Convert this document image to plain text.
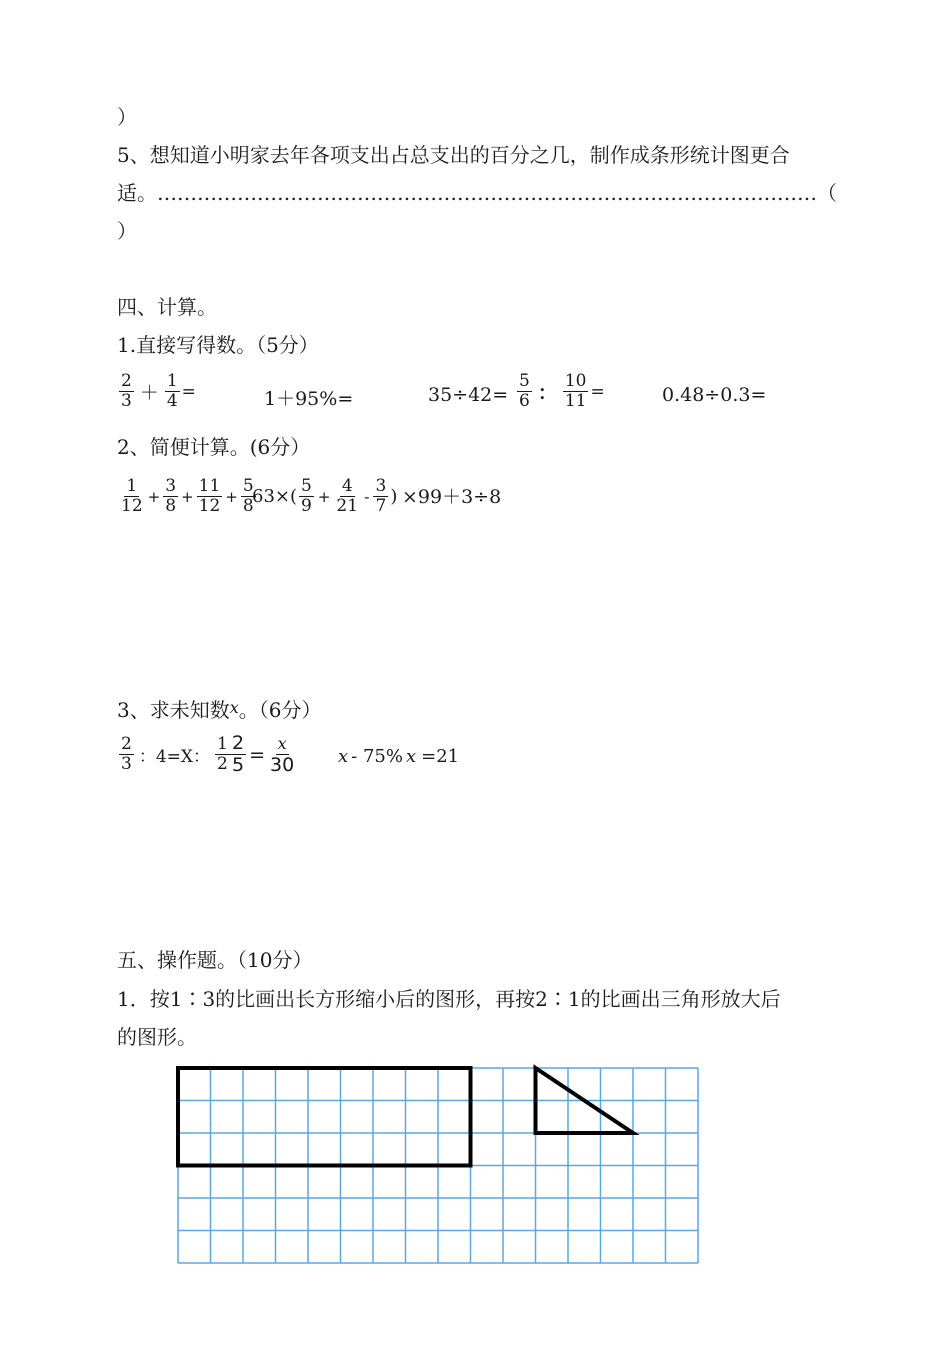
）
5、想知道小明家去年各项支出占总支出的百分之几，制作成条形统计图更合
适。………………………………………………………………………………………（
）
四、计算。
1.直接写得数。（5分）
$\frac{2}{3} + \frac{1}{4}$ =	1＋95%=	$35\div 42= \frac{5}{6}$ ： $\frac{10}{11}$ =	0.48÷0.3=
2、简便计算。(6分）
$\frac{1}{12} + \frac{3}{8} + \frac{11}{12} + \frac{5}{8}$
$63\times( \frac{5}{9} + \frac{4}{21} - \frac{3}{7}$ ) ×99＋3÷8
3、求未知数$^x$。（6分）
$\frac{2}{3}$ ：4=X： $\frac{1}{2} \frac{2}{5} = \frac{x}{30}$ x - 75% x =21
五、操作题。（10分）
1．按1∶3的比画出长方形缩小后的图形，再按2∶1的比画出三角形放大后
的图形。
